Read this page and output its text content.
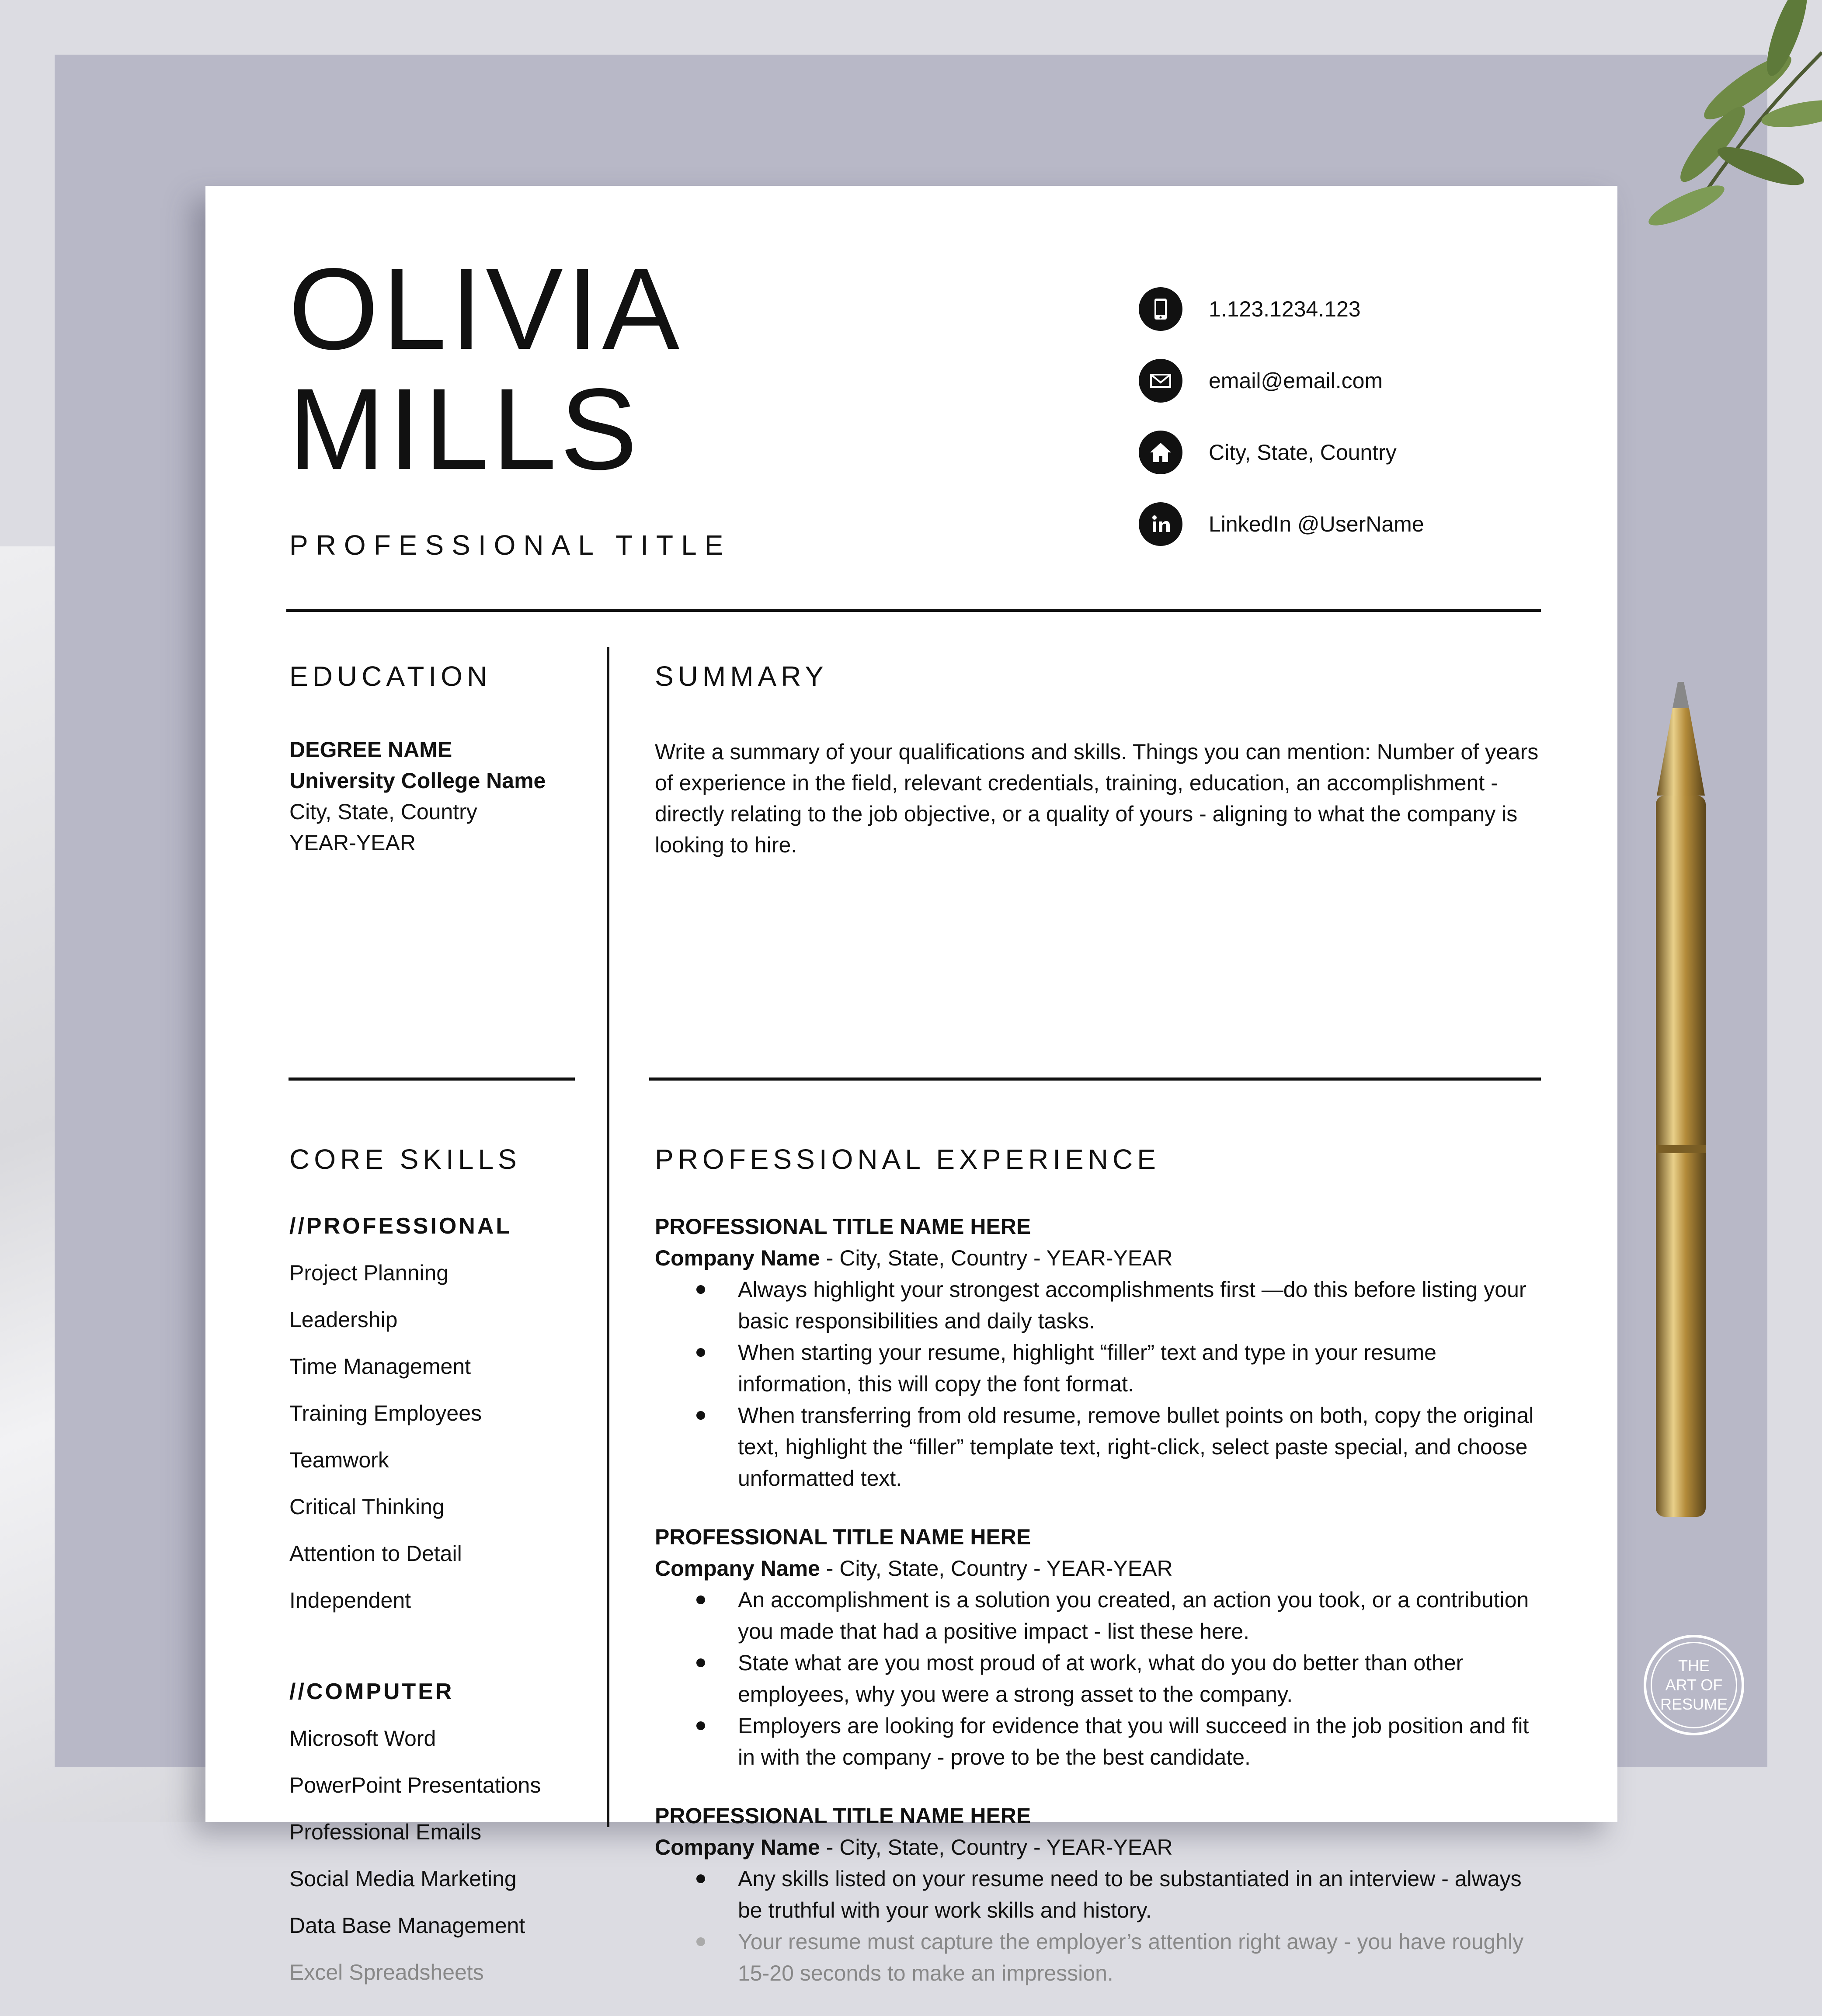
THE
ART OF
RESUME
OLIVIA
MILLS
PROFESSIONAL TITLE
1.123.1234.123
email@email.com
City, State, Country
LinkedIn @UserName
EDUCATION
DEGREE NAME
University College Name
City, State, Country
YEAR-YEAR
CORE SKILLS
//PROFESSIONAL
Project Planning
Leadership
Time Management
Training Employees
Teamwork
Critical Thinking
Attention to Detail
Independent
//COMPUTER
Microsoft Word
PowerPoint Presentations
Professional Emails
Social Media Marketing
Data Base Management
Excel Spreadsheets
SUMMARY
Write a summary of your qualifications and skills. Things you can mention: Number of years of experience in the field, relevant credentials, training, education, an accomplishment - directly relating to the job objective, or a quality of yours - aligning to what the company is looking to hire.
PROFESSIONAL EXPERIENCE
PROFESSIONAL TITLE NAME HERE
Company Name - City, State, Country - YEAR-YEAR
Always highlight your strongest accomplishments first —do this before listing your basic responsibilities and daily tasks.
When starting your resume, highlight “filler” text and type in your resume information, this will copy the font format.
When transferring from old resume, remove bullet points on both, copy the original text, highlight the “filler” template text, right-click, select paste special, and choose unformatted text.
PROFESSIONAL TITLE NAME HERE
Company Name - City, State, Country - YEAR-YEAR
An accomplishment is a solution you created, an action you took, or a contribution you made that had a positive impact - list these here.
State what are you most proud of at work, what do you do better than other employees, why you were a strong asset to the company.
Employers are looking for evidence that you will succeed in the job position and fit in with the company - prove to be the best candidate.
PROFESSIONAL TITLE NAME HERE
Company Name - City, State, Country - YEAR-YEAR
Any skills listed on your resume need to be substantiated in an interview - always be truthful with your work skills and history.
Your resume must capture the employer’s attention right away - you have roughly 15-20 seconds to make an impression.
